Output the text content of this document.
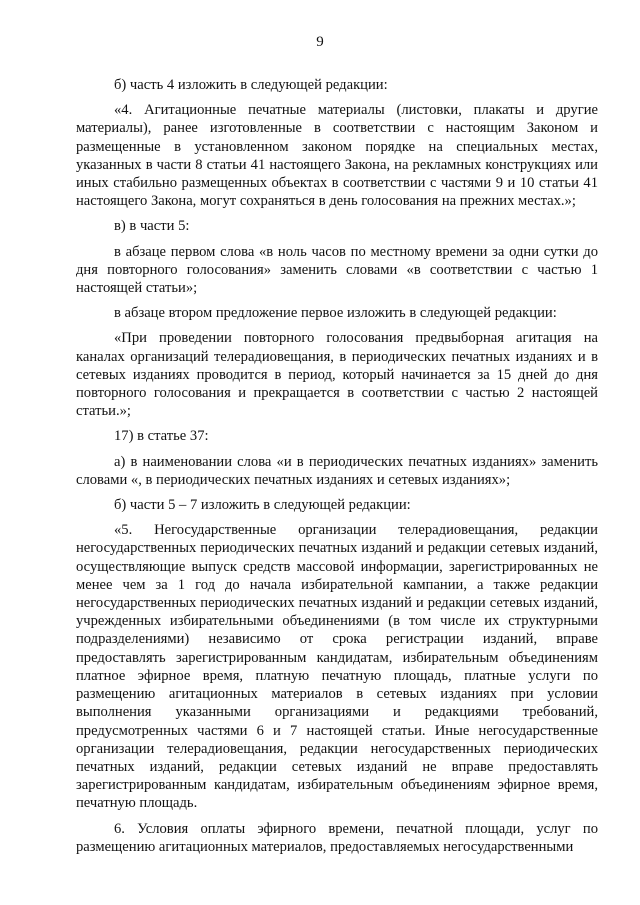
9

б) часть 4 изложить в следующей редакции:

«4. Агитационные печатные материалы (листовки, плакаты и другие материалы), ранее изготовленные в соответствии с настоящим Законом и размещенные в установленном законом порядке на специальных местах, указанных в части 8 статьи 41 настоящего Закона, на рекламных конструкциях или иных стабильно размещенных объектах в соответствии с частями 9 и 10 статьи 41 настоящего Закона, могут сохраняться в день голосования на прежних местах.»;

в) в части 5:

в абзаце первом слова «в ноль часов по местному времени за одни сутки до дня повторного голосования» заменить словами «в соответствии с частью 1 настоящей статьи»;

в абзаце втором предложение первое изложить в следующей редакции:

«При проведении повторного голосования предвыборная агитация на каналах организаций телерадиовещания, в периодических печатных изданиях и в сетевых изданиях проводится в период, который начинается за 15 дней до дня повторного голосования и прекращается в соответствии с частью 2 настоящей статьи.»;

17) в статье 37:

а) в наименовании слова «и в периодических печатных изданиях» заменить словами «, в периодических печатных изданиях и сетевых изданиях»;

б) части 5 – 7 изложить в следующей редакции:

«5. Негосударственные организации телерадиовещания, редакции негосударственных периодических печатных изданий и редакции сетевых изданий, осуществляющие выпуск средств массовой информации, зарегистрированных не менее чем за 1 год до начала избирательной кампании, а также редакции негосударственных периодических печатных изданий и редакции сетевых изданий, учрежденных избирательными объединениями (в том числе их структурными подразделениями) независимо от срока регистрации изданий, вправе предоставлять зарегистрированным кандидатам, избирательным объединениям платное эфирное время, платную печатную площадь, платные услуги по размещению агитационных материалов в сетевых изданиях при условии выполнения указанными организациями и редакциями требований, предусмотренных частями 6 и 7 настоящей статьи. Иные негосударственные организации телерадиовещания, редакции негосударственных периодических печатных изданий, редакции сетевых изданий не вправе предоставлять зарегистрированным кандидатам, избирательным объединениям эфирное время, печатную площадь.

6. Условия оплаты эфирного времени, печатной площади, услуг по размещению агитационных материалов, предоставляемых негосударственными
